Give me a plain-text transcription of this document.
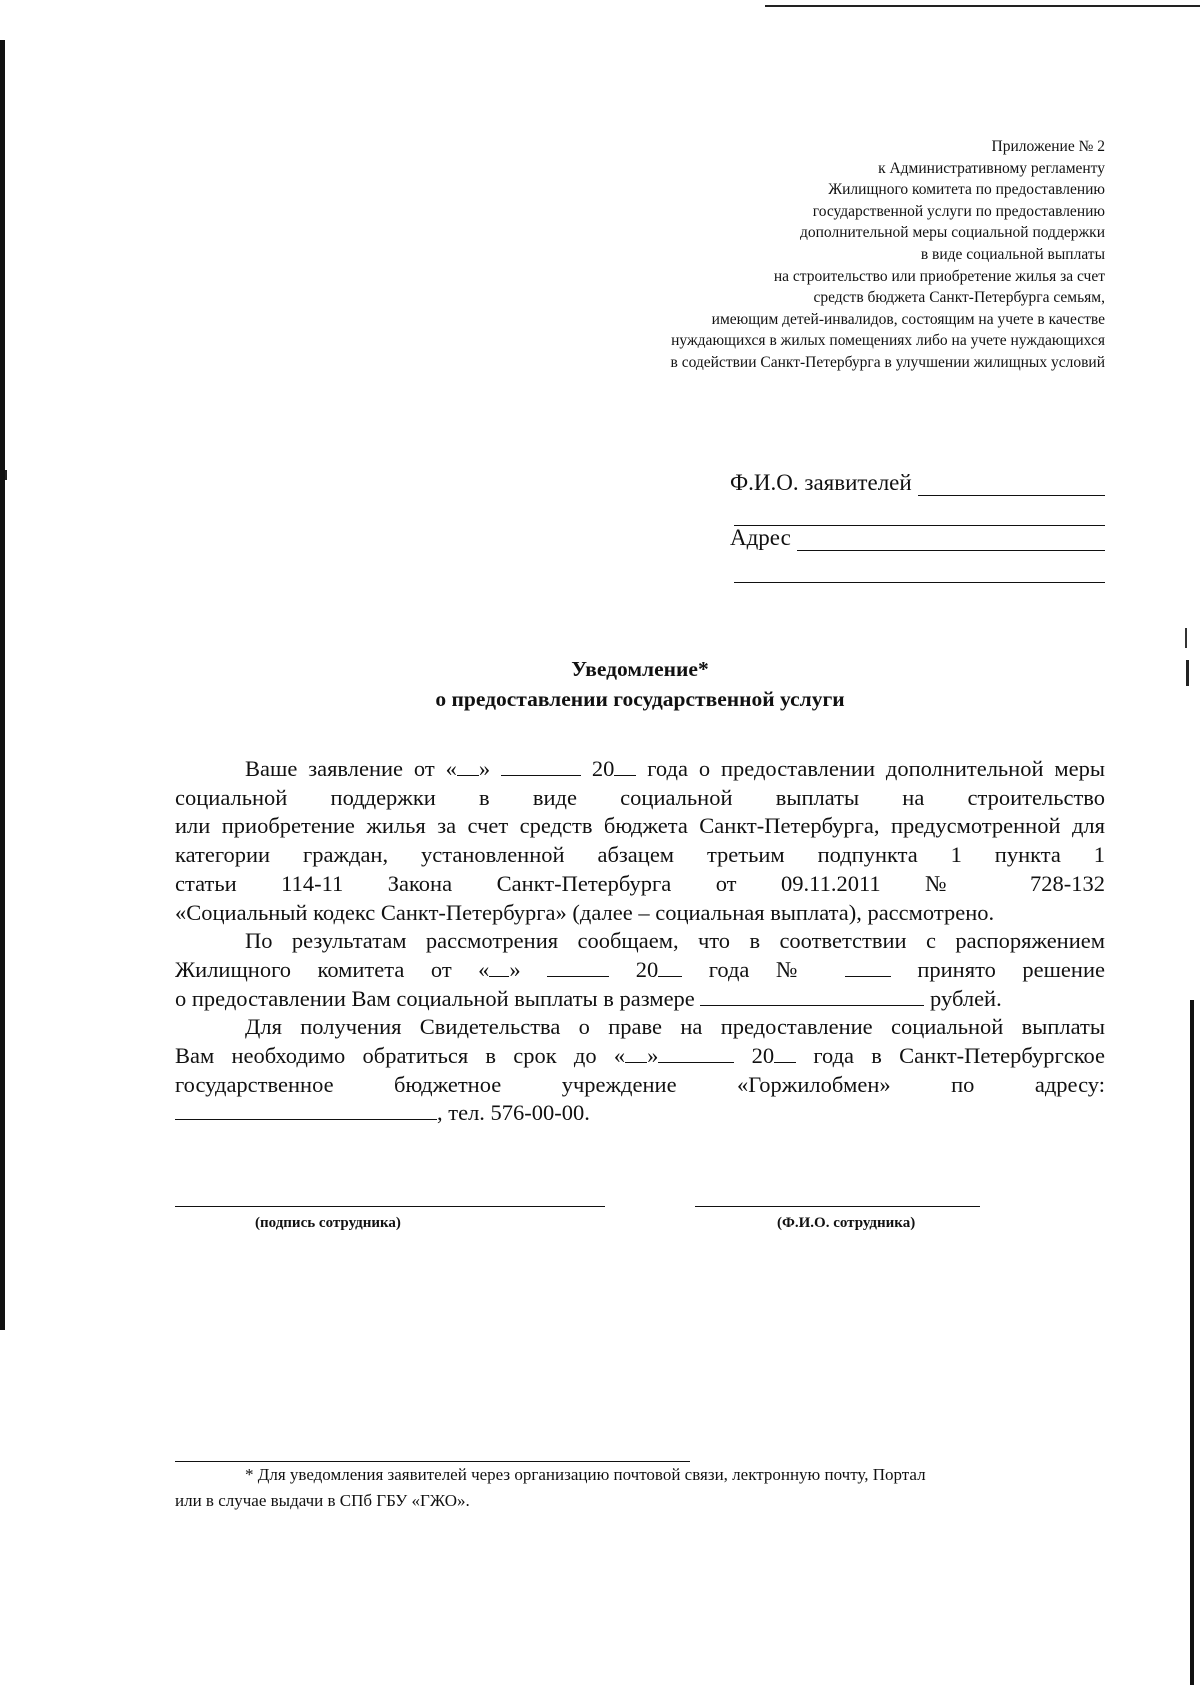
Приложение № 2
к Административному регламенту
Жилищного комитета по предоставлению
государственной услуги по предоставлению
дополнительной меры социальной поддержки
в виде социальной выплаты
на строительство или приобретение жилья за счет
средств бюджета Санкт-Петербурга семьям,
имеющим детей-инвалидов, состоящим на учете в качестве
нуждающихся в жилых помещениях либо на учете нуждающихся
в содействии Санкт-Петербурга в улучшении жилищных условий
Ф.И.О. заявителей
Адрес
Уведомление*
о предоставлении государственной услуги
Ваше заявление от « »	20 года о предоставлении дополнительной меры
социальной поддержки в виде социальной выплаты на строительство
или приобретение жилья за счет средств бюджета Санкт-Петербурга, предусмотренной для
категории граждан, установленной абзацем третьим подпункта 1 пункта 1
статьи 114-11 Закона Санкт-Петербурга от 09.11.2011 № 728-132
«Социальный кодекс Санкт-Петербурга» (далее – социальная выплата), рассмотрено.
По результатам рассмотрения сообщаем, что в соответствии с распоряжением
Жилищного комитета от « »	20 года №	принято решение
о предоставлении Вам социальной выплаты в размере	рублей.
Для получения Свидетельства о праве на предоставление социальной выплаты
Вам необходимо обратиться в срок до « »	20 года в Санкт-Петербургское
государственное	бюджетное	учреждение	«Горжилобмен»	по	адресу:
, тел. 576-00-00.
(подпись сотрудника)	(Ф.И.О. сотрудника)
* Для уведомления заявителей через организацию почтовой связи, лектронную почту, Портал
или в случае выдачи в СПб ГБУ «ГЖО».
